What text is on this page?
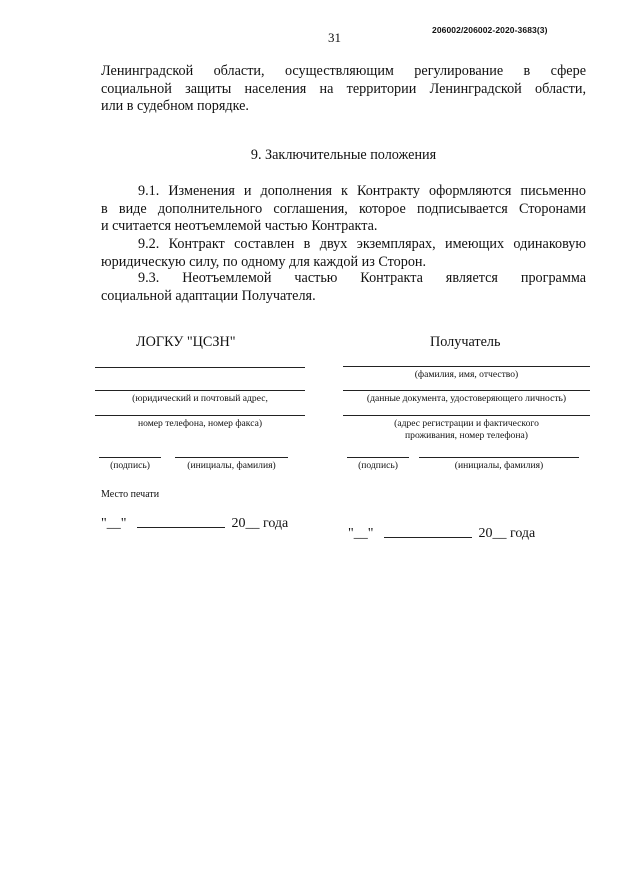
31	206002/206002-2020-3683(3)
Ленинградской области, осуществляющим регулирование в сфере
социальной защиты населения на территории Ленинградской области,
или в судебном порядке.
9. Заключительные положения
9.1. Изменения и дополнения к Контракту оформляются письменно
в виде дополнительного соглашения, которое подписывается Сторонами
и считается неотъемлемой частью Контракта.
9.2. Контракт составлен в двух экземплярах, имеющих одинаковую
юридическую силу, по одному для каждой из Сторон.
9.3. Неотъемлемой частью Контракта является программа
социальной адаптации Получателя.
ЛОГКУ "ЦСЗН"
(юридический и почтовый адрес,
номер телефона, номер факса)
(подпись)	(инициалы, фамилия)
Место печати
"__"	20__ года
Получатель
(фамилия, имя, отчество)
(данные документа, удостоверяющего личность)
(адрес регистрации и фактического
проживания, номер телефона)
(подпись)	(инициалы, фамилия)
"__"	20__ года
